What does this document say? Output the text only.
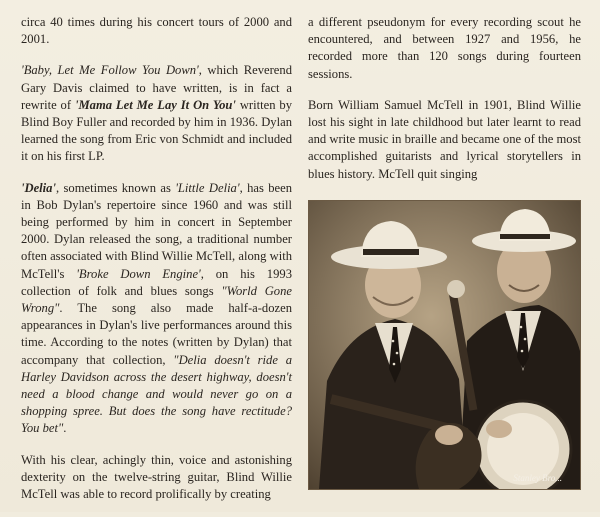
circa 40 times during his concert tours of 2000 and 2001.

'Baby, Let Me Follow You Down', which Reverend Gary Davis claimed to have written, is in fact a rewrite of 'Mama Let Me Lay It On You' written by Blind Boy Fuller and recorded by him in 1936. Dylan learned the song from Eric von Schmidt and included it on his first LP.

'Delia', sometimes known as 'Little Delia', has been in Bob Dylan's repertoire since 1960 and was still being performed by him in concert in September 2000. Dylan released the song, a traditional number often associated with Blind Willie McTell, along with McTell's 'Broke Down Engine', on his 1993 collection of folk and blues songs "World Gone Wrong". The song also made half-a-dozen appearances in Dylan's live performances around this time. According to the notes (written by Dylan) that accompany that collection, "Delia doesn't ride a Harley Davidson across the desert highway, doesn't need a blood change and would never go on a shopping spree. But does the song have rectitude? You bet".

With his clear, achingly thin, voice and astonishing dexterity on the twelve-string guitar, Blind Willie McTell was able to record prolifically by creating

a different pseudonym for every recording scout he encountered, and between 1927 and 1956, he recorded more than 120 songs during fourteen sessions.

Born William Samuel McTell in 1901, Blind Willie lost his sight in late childhood but later learnt to read and write music in braille and became one of the most accomplished guitarists and lyrical storytellers in blues history. McTell quit singing

Stanley Bro...
